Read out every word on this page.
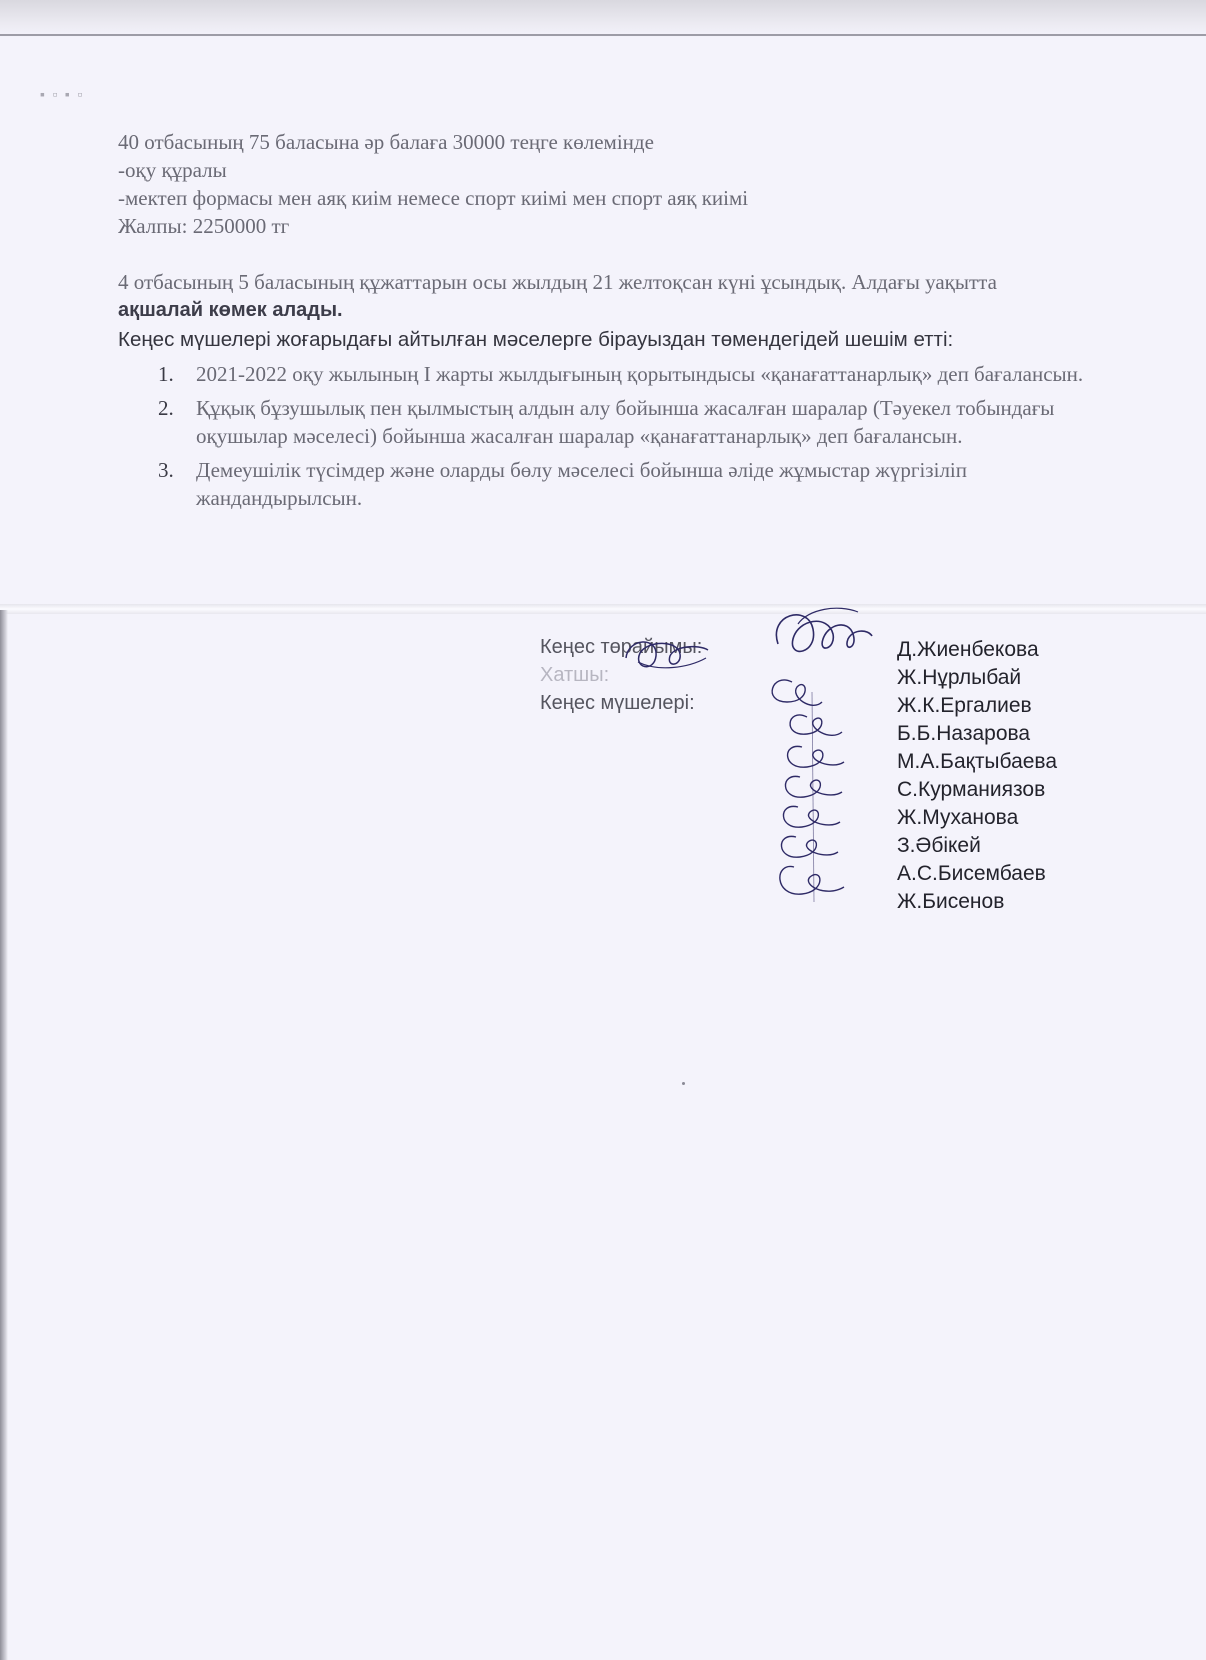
▪ ▫ ▪ ▫
40 отбасының 75 баласына әр балаға 30000 теңге көлемінде
-оқу құралы
-мектеп формасы мен аяқ киім немесе спорт киімі мен спорт аяқ киімі
Жалпы: 2250000 тг
4 отбасының 5 баласының құжаттарын осы жылдың 21 желтоқсан күні ұсындық. Алдағы уақытта
ақшалай көмек алады.
Кеңес мүшелері жоғарыдағы айтылған мәселерге бірауыздан төмендегідей шешім етті:
1. 2021-2022 оқу жылының I жарты жылдығының қорытындысы «қанағаттанарлық» деп бағалансын.
2. Құқық бұзушылық пен қылмыстың алдын алу бойынша жасалған шаралар (Тәуекел тобындағы оқушылар мәселесі) бойынша жасалған шаралар «қанағаттанарлық» деп бағалансын.
3. Демеушілік түсімдер және оларды бөлу мәселесі бойынша әліде жұмыстар жүргізіліп жандандырылсын.
Кеңес төрайымы:
Хатшы:
Кеңес мүшелері:
Д.Жиенбекова
Ж.Нұрлыбай
Ж.К.Ергалиев
Б.Б.Назарова
М.А.Бақтыбаева
С.Курманиязов
Ж.Муханова
З.Әбікей
А.С.Бисембаев
Ж.Бисенов
